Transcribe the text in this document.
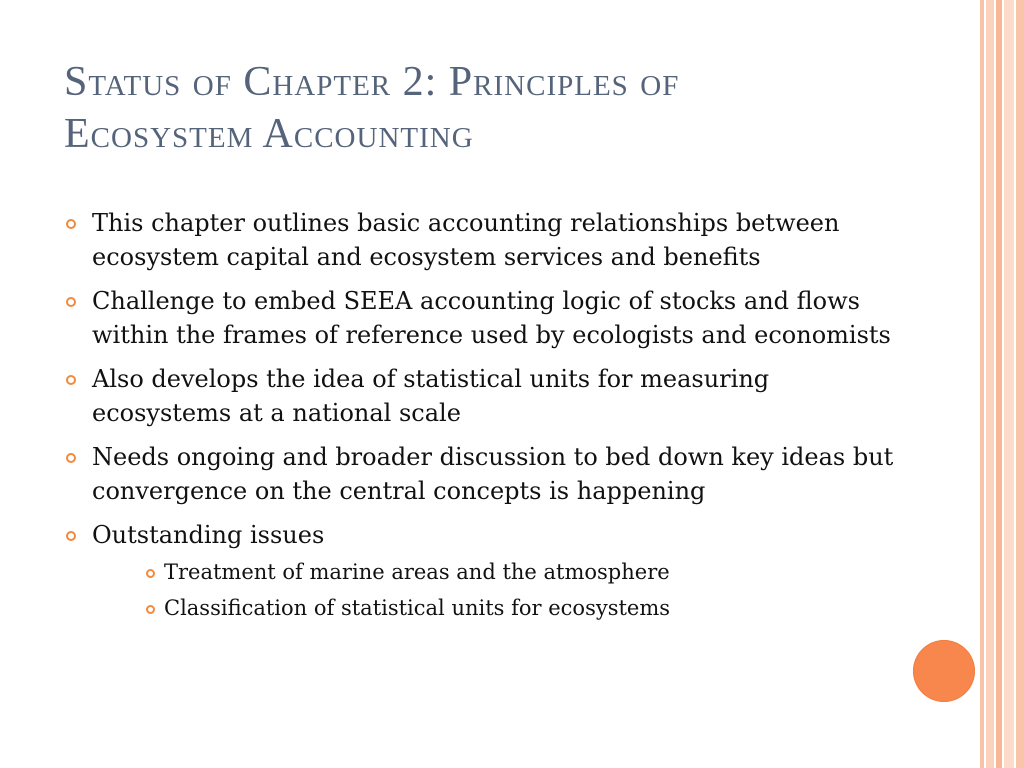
Status of Chapter 2: Principles of
Ecosystem Accounting
This chapter outlines basic accounting relationships between ecosystem capital and ecosystem services and benefits
Challenge to embed SEEA accounting logic of stocks and flows within the frames of reference used by ecologists and economists
Also develops the idea of statistical units for measuring ecosystems at a national scale
Needs ongoing and broader discussion to bed down key ideas but convergence on the central concepts is happening
Outstanding issues
Treatment of marine areas and the atmosphere
Classification of statistical units for ecosystems
